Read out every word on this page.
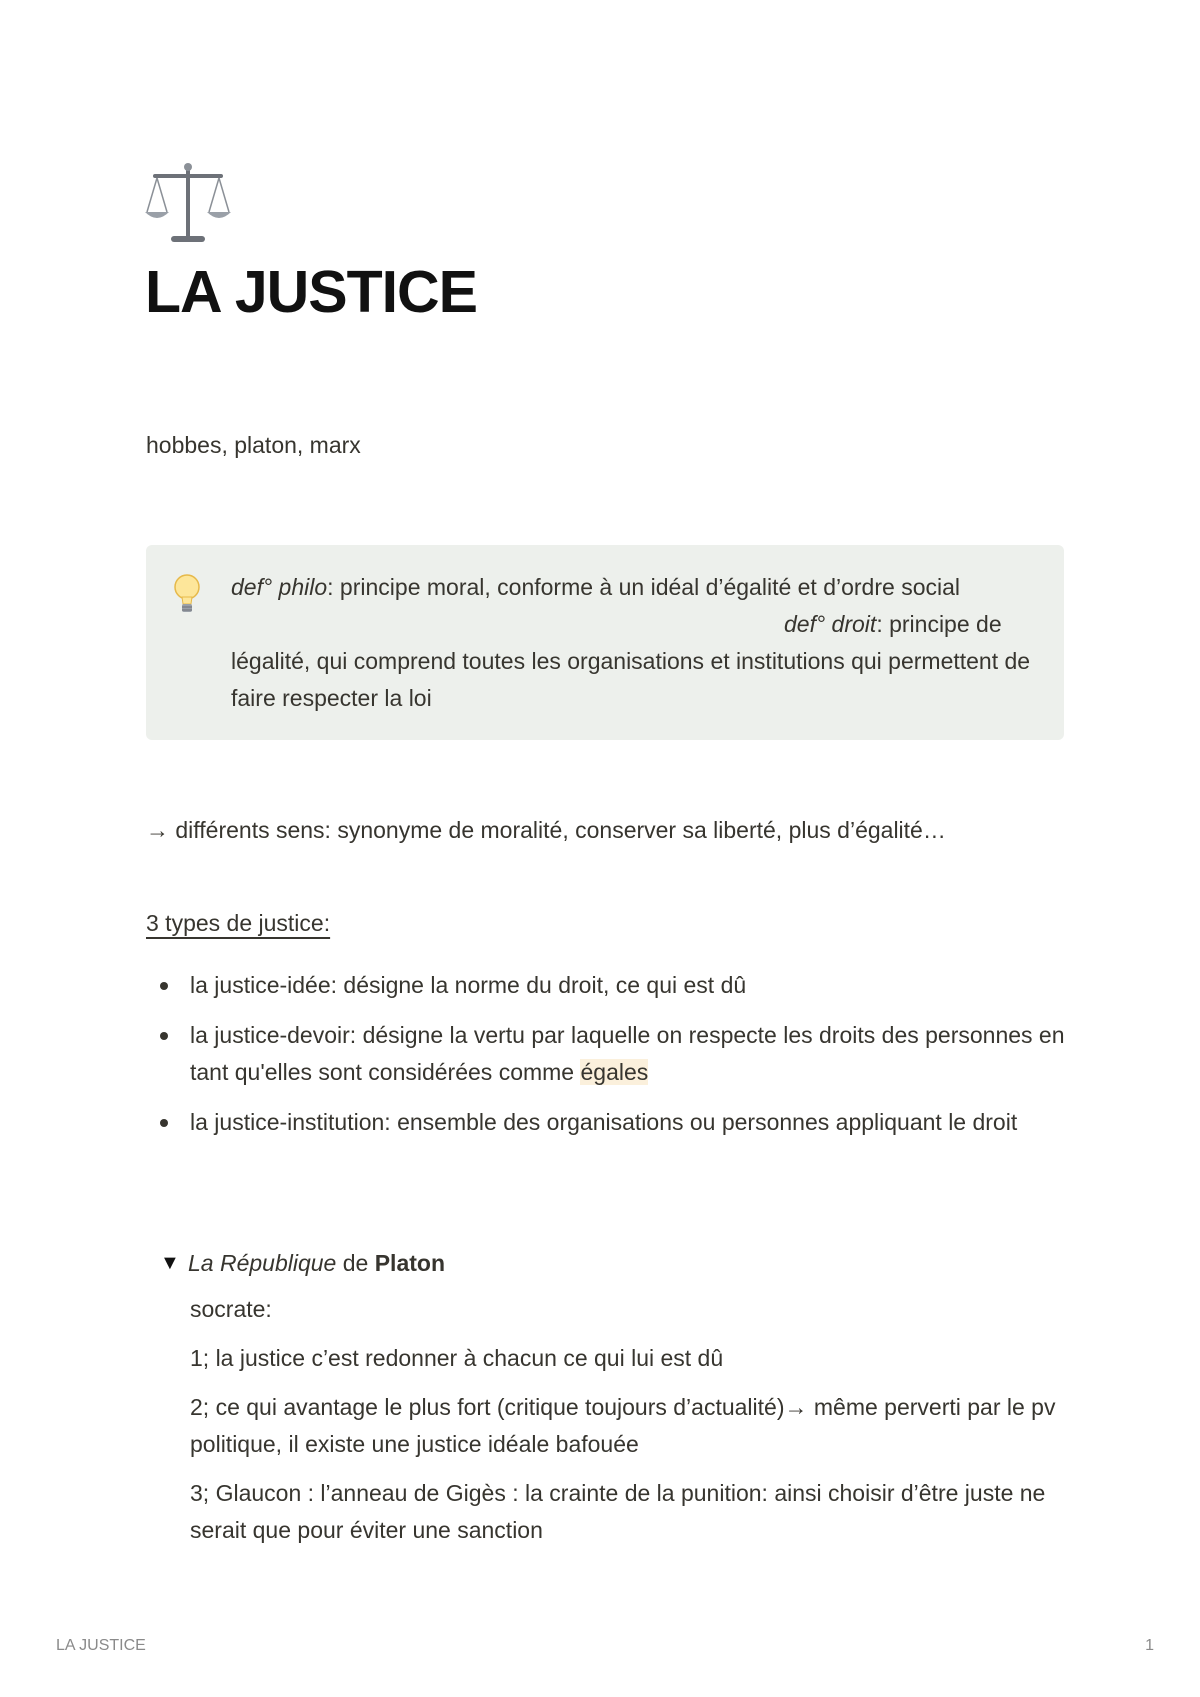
LA JUSTICE
hobbes, platon, marx
def° philo: principe moral, conforme à un idéal d’égalité et d’ordre socialdef° droit: principe de légalité, qui comprend toutes les organisations et institutions qui permettent de faire respecter la loi

→ différents sens: synonyme de moralité, conserver sa liberté, plus d’égalité…

3 types de justice:

la justice-idée: désigne la norme du droit, ce qui est dû
la justice-devoir: désigne la vertu par laquelle on respecte les droits des personnes en tant qu'elles sont considérées comme égales
la justice-institution: ensemble des organisations ou personnes appliquant le droit
▼ La République de Platon

socrate:

1; la justice c’est redonner à chacun ce qui lui est dû

2; ce qui avantage le plus fort (critique toujours d’actualité)→ même perverti par le pv politique, il existe une justice idéale bafouée

3; Glaucon : l’anneau de Gigès : la crainte de la punition: ainsi choisir d’être juste ne serait que pour éviter une sanction

LA JUSTICE	1
